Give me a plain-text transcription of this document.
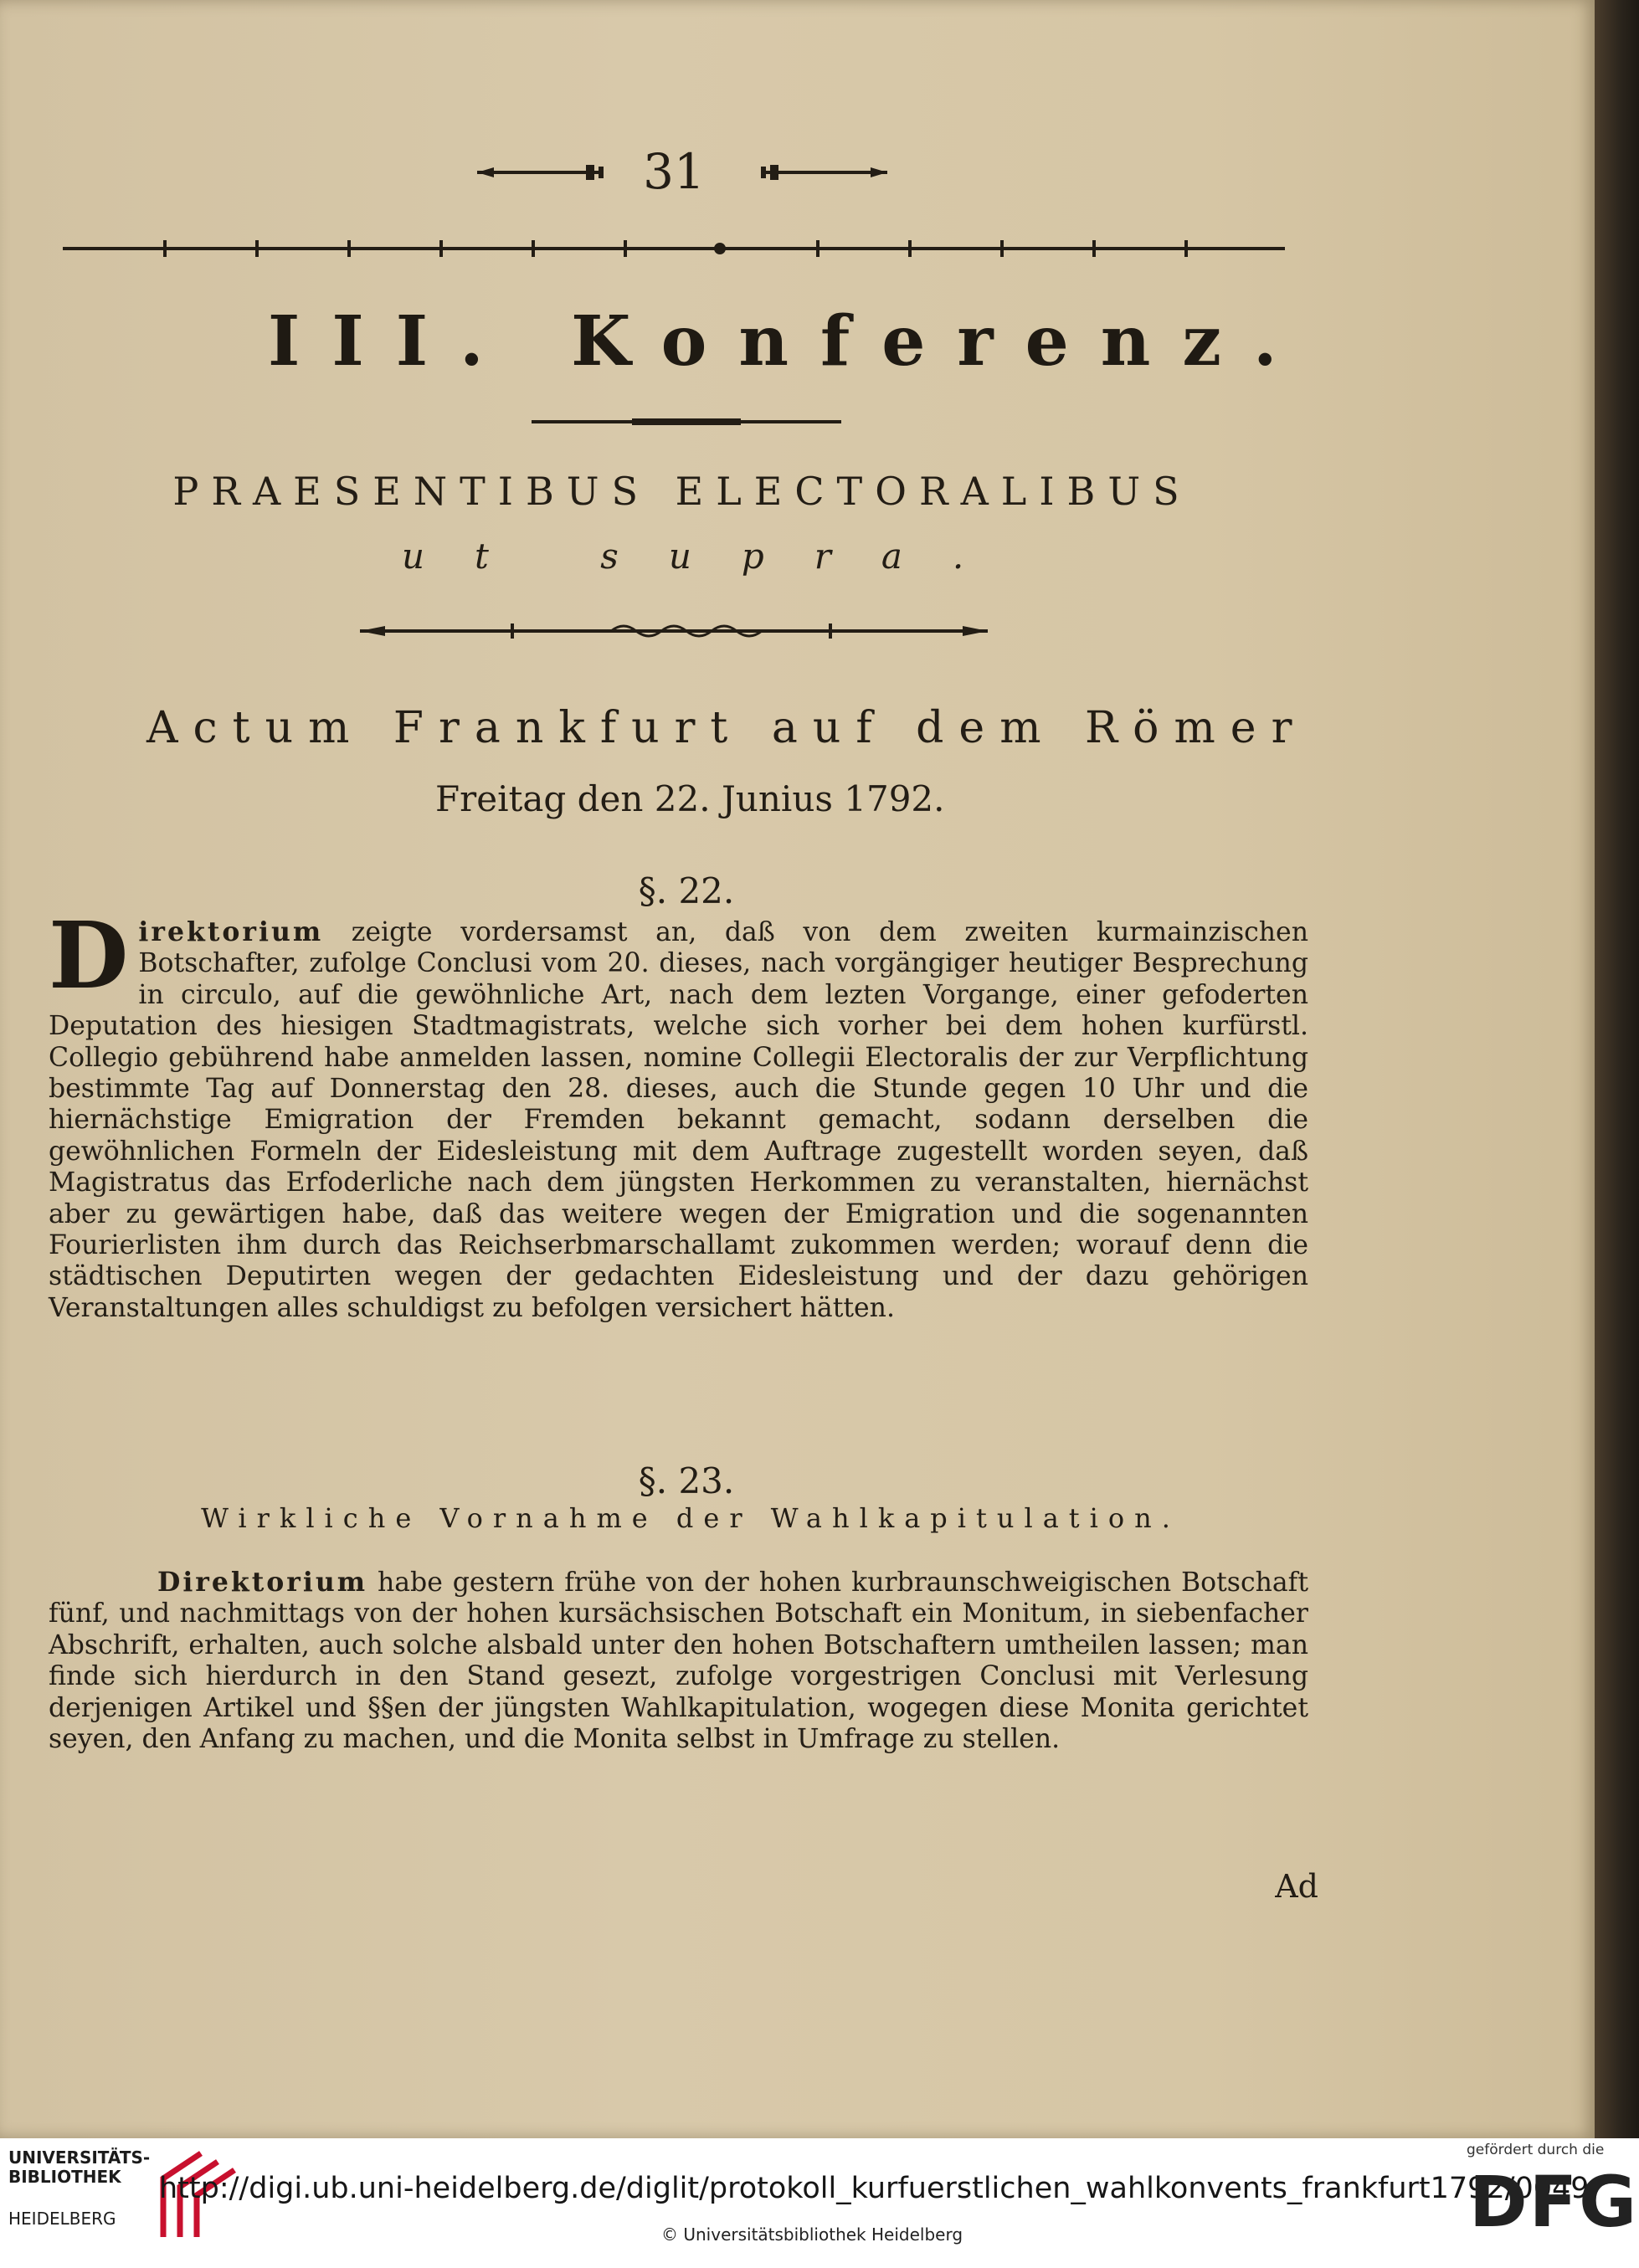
31
III. Konferenz.
PRAESENTIBUS ELECTORALIBUS
ut supra.
Actum Frankfurt auf dem Römer
Freitag den 22. Junius 1792.
§. 22.
Direktorium zeigte vordersamst an, daß von dem zweiten kurmainzischen Botschafter, zufolge Conclusi vom 20. dieses, nach vorgängiger heutiger Besprechung in circulo, auf die gewöhnliche Art, nach dem lezten Vorgange, einer gefoderten Deputation des hiesigen Stadtmagistrats, welche sich vorher bei dem hohen kurfürstl. Collegio gebührend habe anmelden lassen, nomine Collegii Electoralis der zur Verpflichtung bestimmte Tag auf Donnerstag den 28. dieses, auch die Stunde gegen 10 Uhr und die hiernächstige Emigration der Fremden bekannt gemacht, sodann derselben die gewöhnlichen Formeln der Eidesleistung mit dem Auftrage zugestellt worden seyen, daß Magistratus das Erfoderliche nach dem jüngsten Herkommen zu veranstalten, hiernächst aber zu gewärtigen habe, daß das weitere wegen der Emigration und die sogenannten Fourierlisten ihm durch das Reichserbmarschallamt zukommen werden; worauf denn die städtischen Deputirten wegen der gedachten Eidesleistung und der dazu gehörigen Veranstaltungen alles schuldigst zu befolgen versichert hätten.
§. 23.
Wirkliche Vornahme der Wahlkapitulation.
Direktorium habe gestern frühe von der hohen kurbraunschweigischen Botschaft fünf, und nachmittags von der hohen kursächsischen Botschaft ein Monitum, in siebenfacher Abschrift, erhalten, auch solche alsbald unter den hohen Botschaftern umtheilen lassen; man finde sich hierdurch in den Stand gesezt, zufolge vorgestrigen Conclusi mit Verlesung derjenigen Artikel und §§en der jüngsten Wahlkapitulation, wogegen diese Monita gerichtet seyen, den Anfang zu machen, und die Monita selbst in Umfrage zu stellen.
Ad
UNIVERSITÄTS-
BIBLIOTHEK
HEIDELBERG
http://digi.ub.uni-heidelberg.de/diglit/protokoll_kurfuerstlichen_wahlkonvents_frankfurt1792/0049
© Universitätsbibliothek Heidelberg
gefördert durch die
DFG
